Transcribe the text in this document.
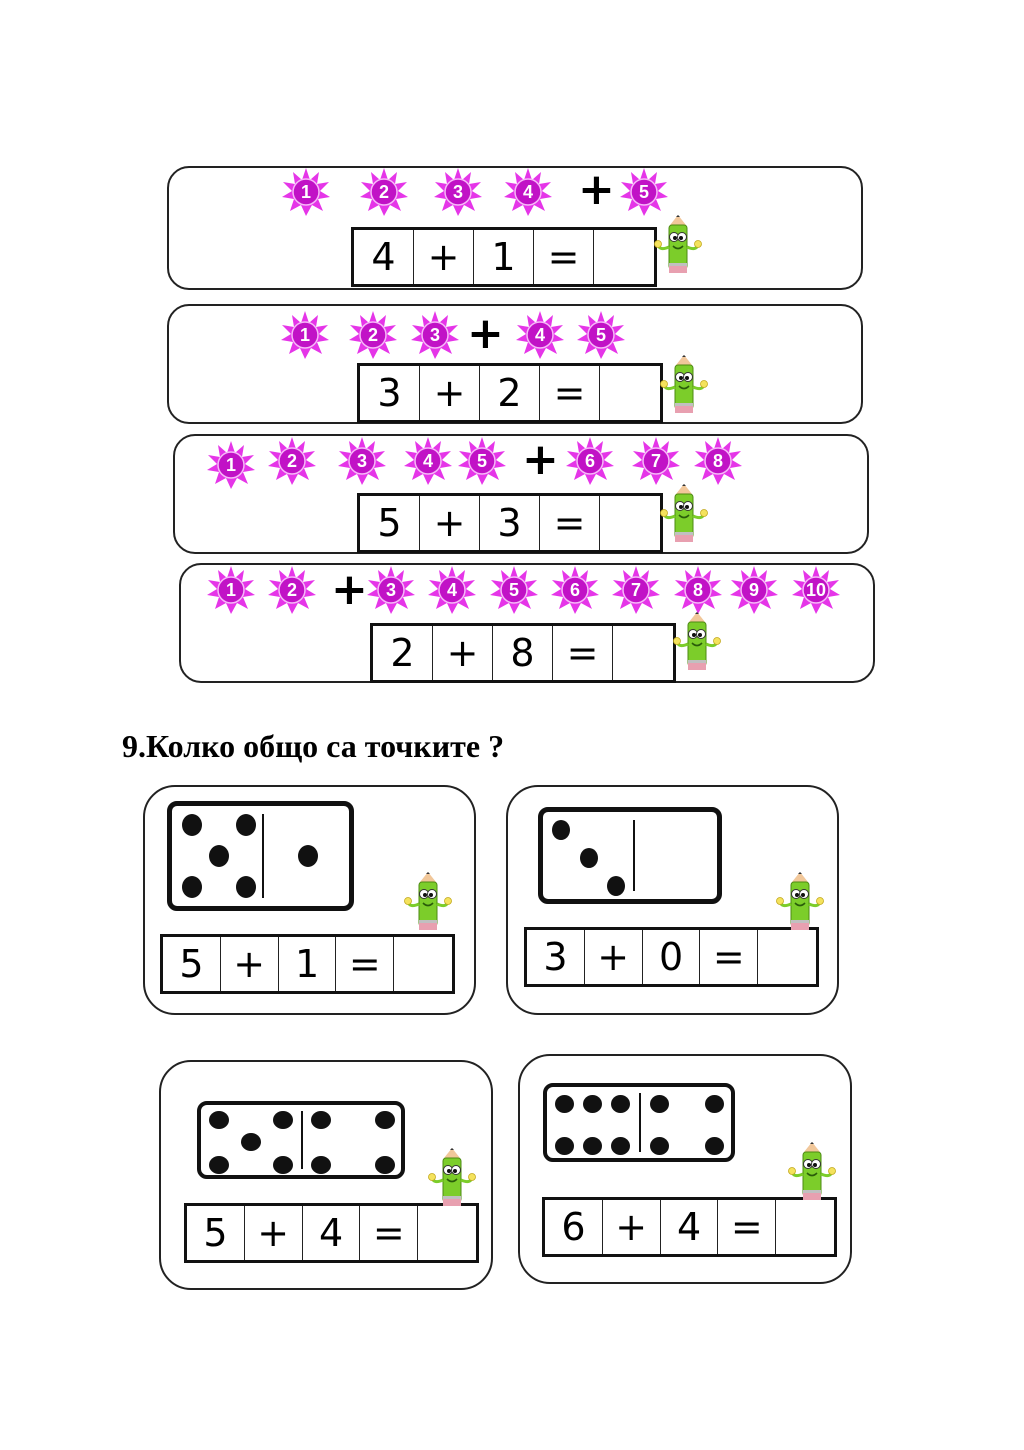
1	2	3	4	+	5
4 + 1 =
1	2	3 +	4	5
3 + 2 =
1	2	3	4	5 +	6	7	8
5 + 3 =
1	2 +	3	4	5	6	7	8	9	10
2 + 8 =
9.Колко общо са точките ?
5 + 1 =	3 + 0 =
5 + 4 =	6 + 4 =
